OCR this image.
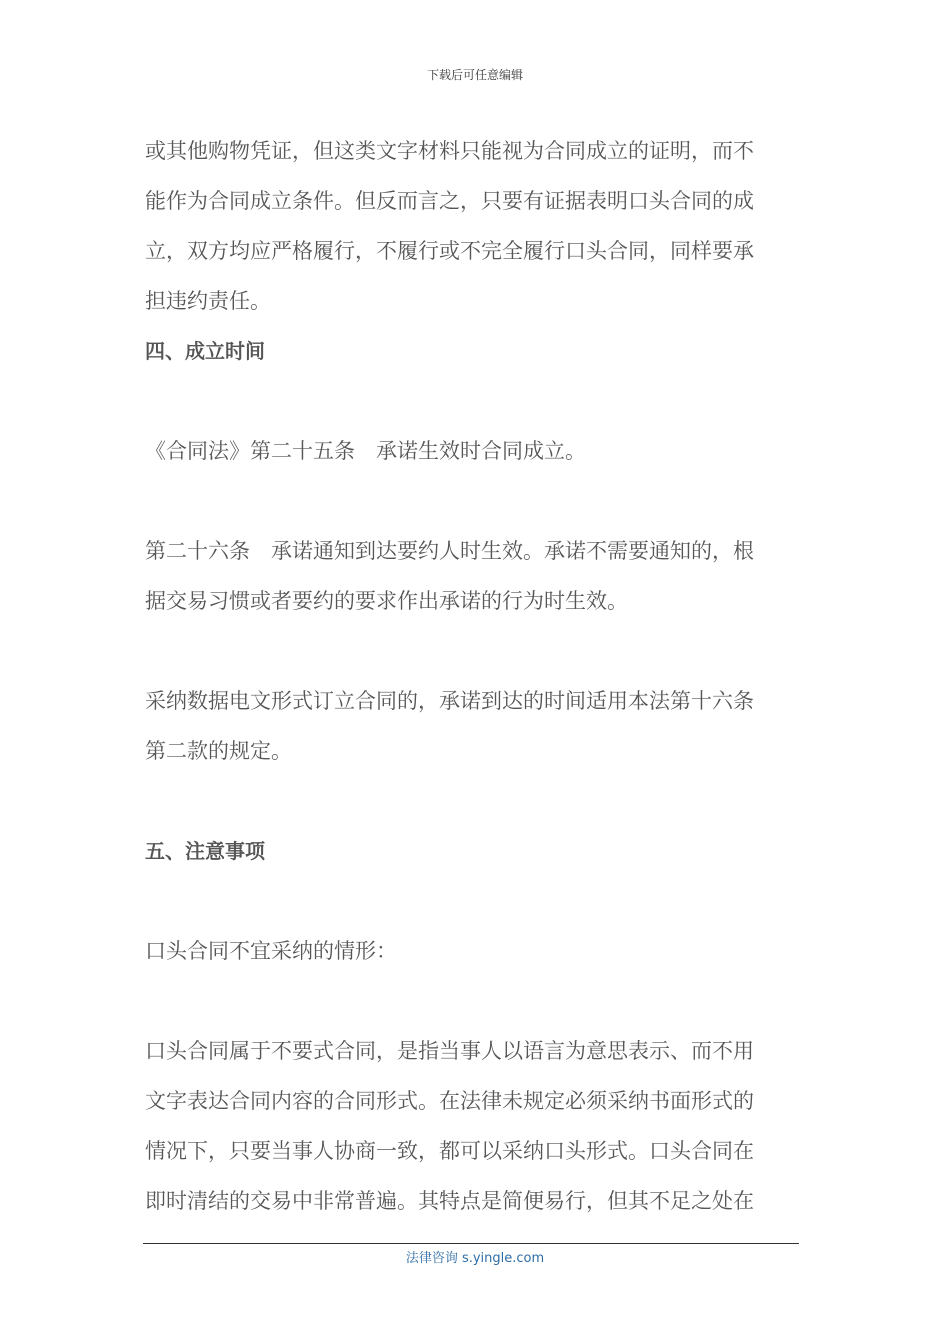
下载后可任意编辑
或其他购物凭证，但这类文字材料只能视为合同成立的证明，而不
能作为合同成立条件。但反而言之，只要有证据表明口头合同的成
立，双方均应严格履行，不履行或不完全履行口头合同，同样要承
担违约责任。
四、成立时间
《合同法》第二十五条　承诺生效时合同成立。
第二十六条　承诺通知到达要约人时生效。承诺不需要通知的，根
据交易习惯或者要约的要求作出承诺的行为时生效。
采纳数据电文形式订立合同的，承诺到达的时间适用本法第十六条
第二款的规定。
五、注意事项
口头合同不宜采纳的情形：
口头合同属于不要式合同，是指当事人以语言为意思表示、而不用
文字表达合同内容的合同形式。在法律未规定必须采纳书面形式的
情况下，只要当事人协商一致，都可以采纳口头形式。口头合同在
即时清结的交易中非常普遍。其特点是简便易行，但其不足之处在
法律咨询 s.yingle.com
